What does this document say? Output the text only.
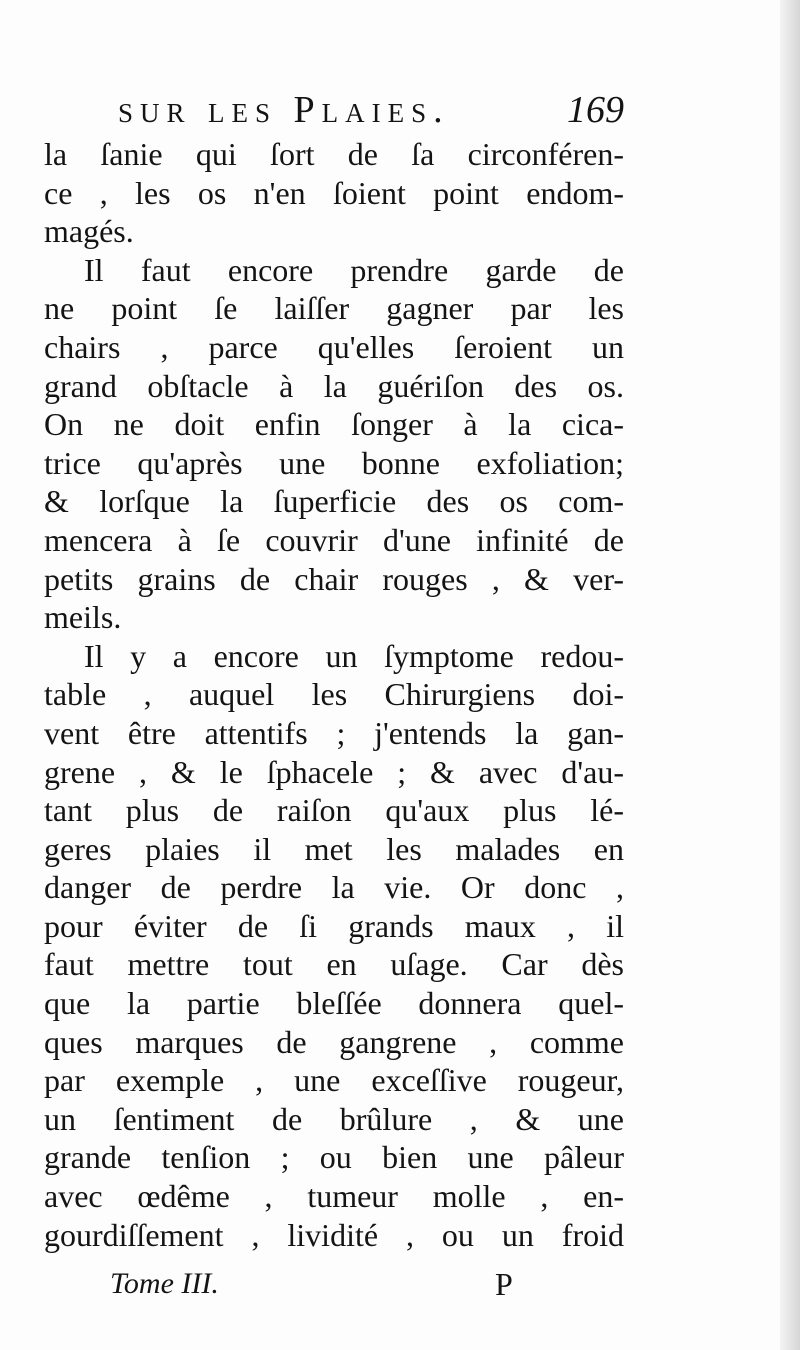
sur les Plaies.	169
la ſanie qui ſort de ſa circonféren-
ce , les os n'en ſoient point endom-
magés.
Il faut encore prendre garde de
ne point ſe laiſſer gagner par les
chairs , parce qu'elles ſeroient un
grand obſtacle à la guériſon des os.
On ne doit enfin ſonger à la cica-
trice qu'après une bonne exfoliation;
& lorſque la ſuperficie des os com-
mencera à ſe couvrir d'une infinité de
petits grains de chair rouges , & ver-
meils.
Il y a encore un ſymptome redou-
table , auquel les Chirurgiens doi-
vent être attentifs ; j'entends la gan-
grene , & le ſphacele ; & avec d'au-
tant plus de raiſon qu'aux plus lé-
geres plaies il met les malades en
danger de perdre la vie. Or donc ,
pour éviter de ſi grands maux , il
faut mettre tout en uſage. Car dès
que la partie bleſſée donnera quel-
ques marques de gangrene , comme
par exemple , une exceſſive rougeur,
un ſentiment de brûlure , & une
grande tenſion ; ou bien une pâleur
avec œdême , tumeur molle , en-
gourdiſſement , lividité , ou un froid
Tome III.	P
